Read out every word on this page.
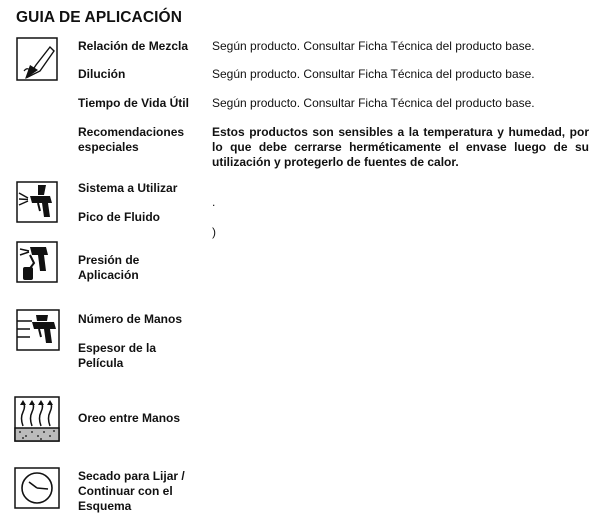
GUIA DE APLICACIÓN
Relación de Mezcla Según producto. Consultar Ficha Técnica del producto base.
Dilución	Según producto. Consultar Ficha Técnica del producto base.
Tiempo de Vida Útil Según producto. Consultar Ficha Técnica del producto base.
Recomendaciones
especiales
Estos productos son sensibles a la temperatura y humedad, por lo que debe cerrarse herméticamente el envase luego de su utilización y protegerlo de fuentes de calor.
Sistema a Utilizar
.
Pico de Fluido
)
Presión de
Aplicación
Número de Manos
Espesor de la
Película
Oreo entre Manos
Secado para Lijar /
Continuar con el
Esquema
